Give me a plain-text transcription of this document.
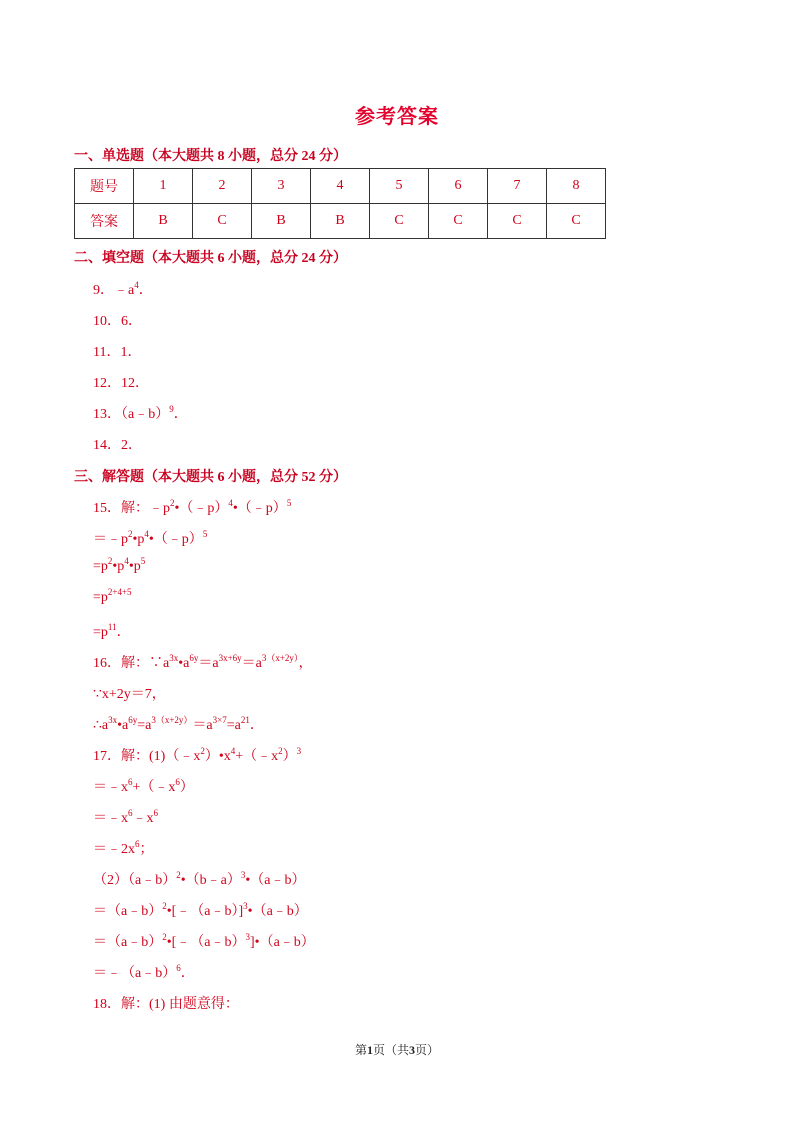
参考答案
一、单选题（本大题共 8 小题，总分 24 分）
题号	1	2	3	4	5	6	7	8
答案	B	C	B	B	C	C	C	C
二、填空题（本大题共 6 小题，总分 24 分）
9．$﹣a^4$．
10．6．
11．1．
12．12．
13．（a﹣b）$^9$．
14．2．
三、解答题（本大题共 6 小题，总分 52 分）
15．解：$﹣p^2•(﹣p)^4•(﹣p)^5$
$=﹣p^2•p^4•(﹣p)^5$
$=p^2•p^4•p^5$
$=p^{2+4+5}$
$=p^{11}$．
16．解：$\because a^{3x}•a^{6y}=a^{3x+6y}=a^{3(x+2y)}$，
∵x+2y＝7，
$\therefore a^{3x}•a^{6y}=a^{3(x+2y)}=a^{3\times 7}=a^{21}$．
17．解：$(1)(﹣x^2)•x^4+(﹣x^2)^3$
$=﹣x^6+(﹣x^6)$
$=﹣x^6﹣x^6$
$=﹣2x^6$；
（2）（a﹣b）$^2$•（b﹣a）$^3$•（a﹣b）
＝（a﹣b）$^2$•[﹣（a﹣b）]$^3$•（a﹣b）
＝（a﹣b）$^2$•[﹣（a﹣b）$^3$]•（a﹣b）
＝﹣（a﹣b）$^6$．
18．解：(1) 由题意得：
第1页（共3页）
